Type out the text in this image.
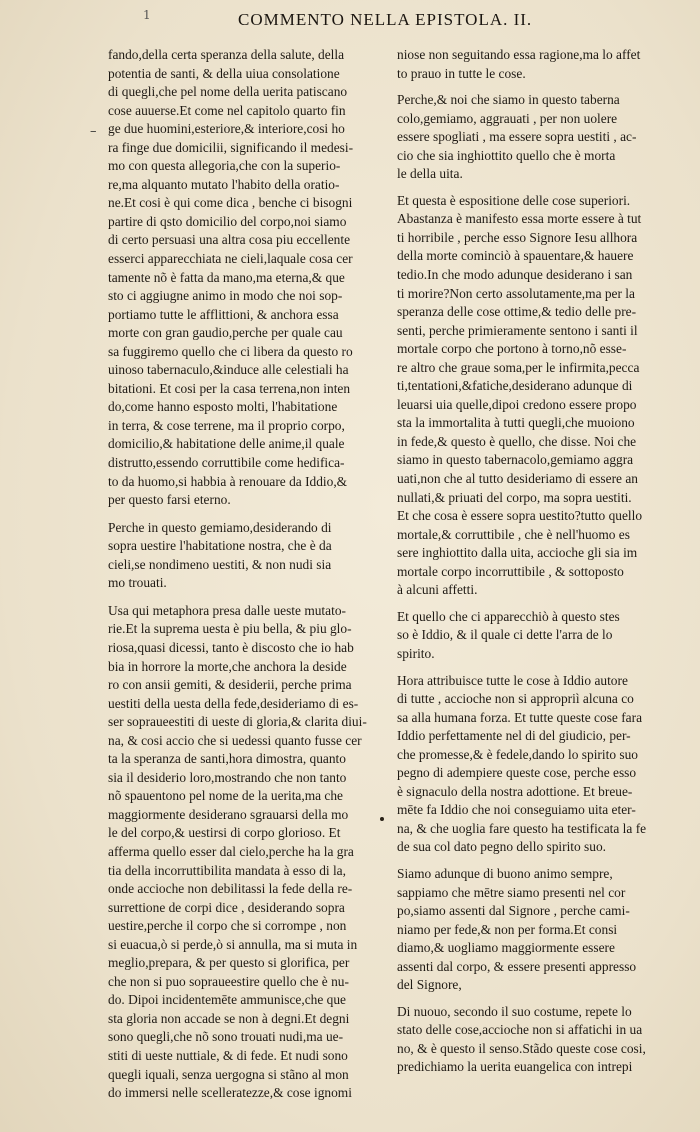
1	COMMENTO NELLA EPISTOLA. II.
–
fando,della certa speranza della salute, della
potentia de santi, & della uiua consolatione
di quegli,che pel nome della uerita patiscano
cose auuerse.Et come nel capitolo quarto fin
ge due huomini,esteriore,& interiore,cosi ho
ra finge due domicilii, significando il medesi-
mo con questa allegoria,che con la superio-
re,ma alquanto mutato l'habito della oratio-
ne.Et cosi è qui come dica , benche ci bisogni
partire di qsto domicilio del corpo,noi siamo
di certo persuasi una altra cosa piu eccellente
esserci apparecchiata ne cieli,laquale cosa cer
tamente nõ è fatta da mano,ma eterna,& que
sto ci aggiugne animo in modo che noi sop-
portiamo tutte le afflittioni, & anchora essa
morte con gran gaudio,perche per quale cau
sa fuggiremo quello che ci libera da questo ro
uinoso tabernaculo,&induce alle celestiali ha
bitationi. Et cosi per la casa terrena,non inten
do,come hanno esposto molti, l'habitatione
in terra, & cose terrene, ma il proprio corpo,
domicilio,& habitatione delle anime,il quale
distrutto,essendo corruttibile come hedifica-
to da huomo,si habbia à renouare da Iddio,&
per questo farsi eterno.
Perche in questo gemiamo,desiderando di
sopra uestire l'habitatione nostra, che è da
cieli,se nondimeno uestiti, & non nudi sia
mo trouati.
Usa qui metaphora presa dalle ueste mutato-
rie.Et la suprema uesta è piu bella, & piu glo-
riosa,quasi dicessi, tanto è discosto che io hab
bia in horrore la morte,che anchora la deside
ro con ansii gemiti, & desiderii, perche prima
uestiti della uesta della fede,desideriamo di es-
ser sopraueestiti di ueste di gloria,& clarita diui-
na, & cosi accio che si uedessi quanto fusse cer
ta la speranza de santi,hora dimostra, quanto
sia il desiderio loro,mostrando che non tanto
nõ spauentono pel nome de la uerita,ma che
maggiormente desiderano sgrauarsi della mo
le del corpo,& uestirsi di corpo glorioso. Et
afferma quello esser dal cielo,perche ha la gra
tia della incorruttibilita mandata à esso di la,
onde accioche non debilitassi la fede della re-
surrettione de corpi dice , desiderando sopra
uestire,perche il corpo che si corrompe , non
si euacua,ò si perde,ò si annulla, ma si muta in
meglio,prepara, & per questo si glorifica, per
che non si puo sopraueestire quello che è nu-
do. Dipoi incidentemēte ammunisce,che que
sta gloria non accade se non à degni.Et degni
sono quegli,che nõ sono trouati nudi,ma ue-
stiti di ueste nuttiale, & di fede. Et nudi sono
quegli iquali, senza uergogna si stãno al mon
do immersi nelle scelleratezze,& cose ignomi
niose non seguitando essa ragione,ma lo affet
to prauo in tutte le cose.
Perche,& noi che siamo in questo taberna
colo,gemiamo, aggrauati , per non uolere
essere spogliati , ma essere sopra uestiti , ac-
cio che sia inghiottito quello che è morta
le della uita.
Et questa è espositione delle cose superiori.
Abastanza è manifesto essa morte essere à tut
ti horribile , perche esso Signore Iesu allhora
della morte cominciò à spauentare,& hauere
tedio.In che modo adunque desiderano i san
ti morire?Non certo assolutamente,ma per la
speranza delle cose ottime,& tedio delle pre-
senti, perche primieramente sentono i santi il
mortale corpo che portono à torno,nõ esse-
re altro che graue soma,per le infirmita,pecca
ti,tentationi,&fatiche,desiderano adunque di
leuarsi uia quelle,dipoi credono essere propo
sta la immortalita à tutti quegli,che muoiono
in fede,& questo è quello, che disse. Noi che
siamo in questo tabernacolo,gemiamo aggra
uati,non che al tutto desideriamo di essere an
nullati,& priuati del corpo, ma sopra uestiti.
Et che cosa è essere sopra uestito?tutto quello
mortale,& corruttibile , che è nell'huomo es
sere inghiottito dalla uita, accioche gli sia im
mortale corpo incorruttibile , & sottoposto
à alcuni affetti.
Et quello che ci apparecchiò à questo stes
so è Iddio, & il quale ci dette l'arra de lo
spirito.
Hora attribuisce tutte le cose à Iddio autore
di tutte , accioche non si appropriì alcuna co
sa alla humana forza. Et tutte queste cose fara
Iddio perfettamente nel di del giudicio, per-
che promesse,& è fedele,dando lo spirito suo
pegno di adempiere queste cose, perche esso
è signaculo della nostra adottione. Et breue-
mēte fa Iddio che noi conseguiamo uita eter-
na, & che uoglia fare questo ha testificata la fe
de sua col dato pegno dello spirito suo.
Siamo adunque di buono animo sempre,
sappiamo che mētre siamo presenti nel cor
po,siamo assenti dal Signore , perche cami-
niamo per fede,& non per forma.Et consi
diamo,& uogliamo maggiormente essere
assenti dal corpo, & essere presenti appresso
del Signore,
Di nuouo, secondo il suo costume, repete lo
stato delle cose,accioche non si affatichi in ua
no, & è questo il senso.Stãdo queste cose cosi,
predichiamo la uerita euangelica con intrepi
